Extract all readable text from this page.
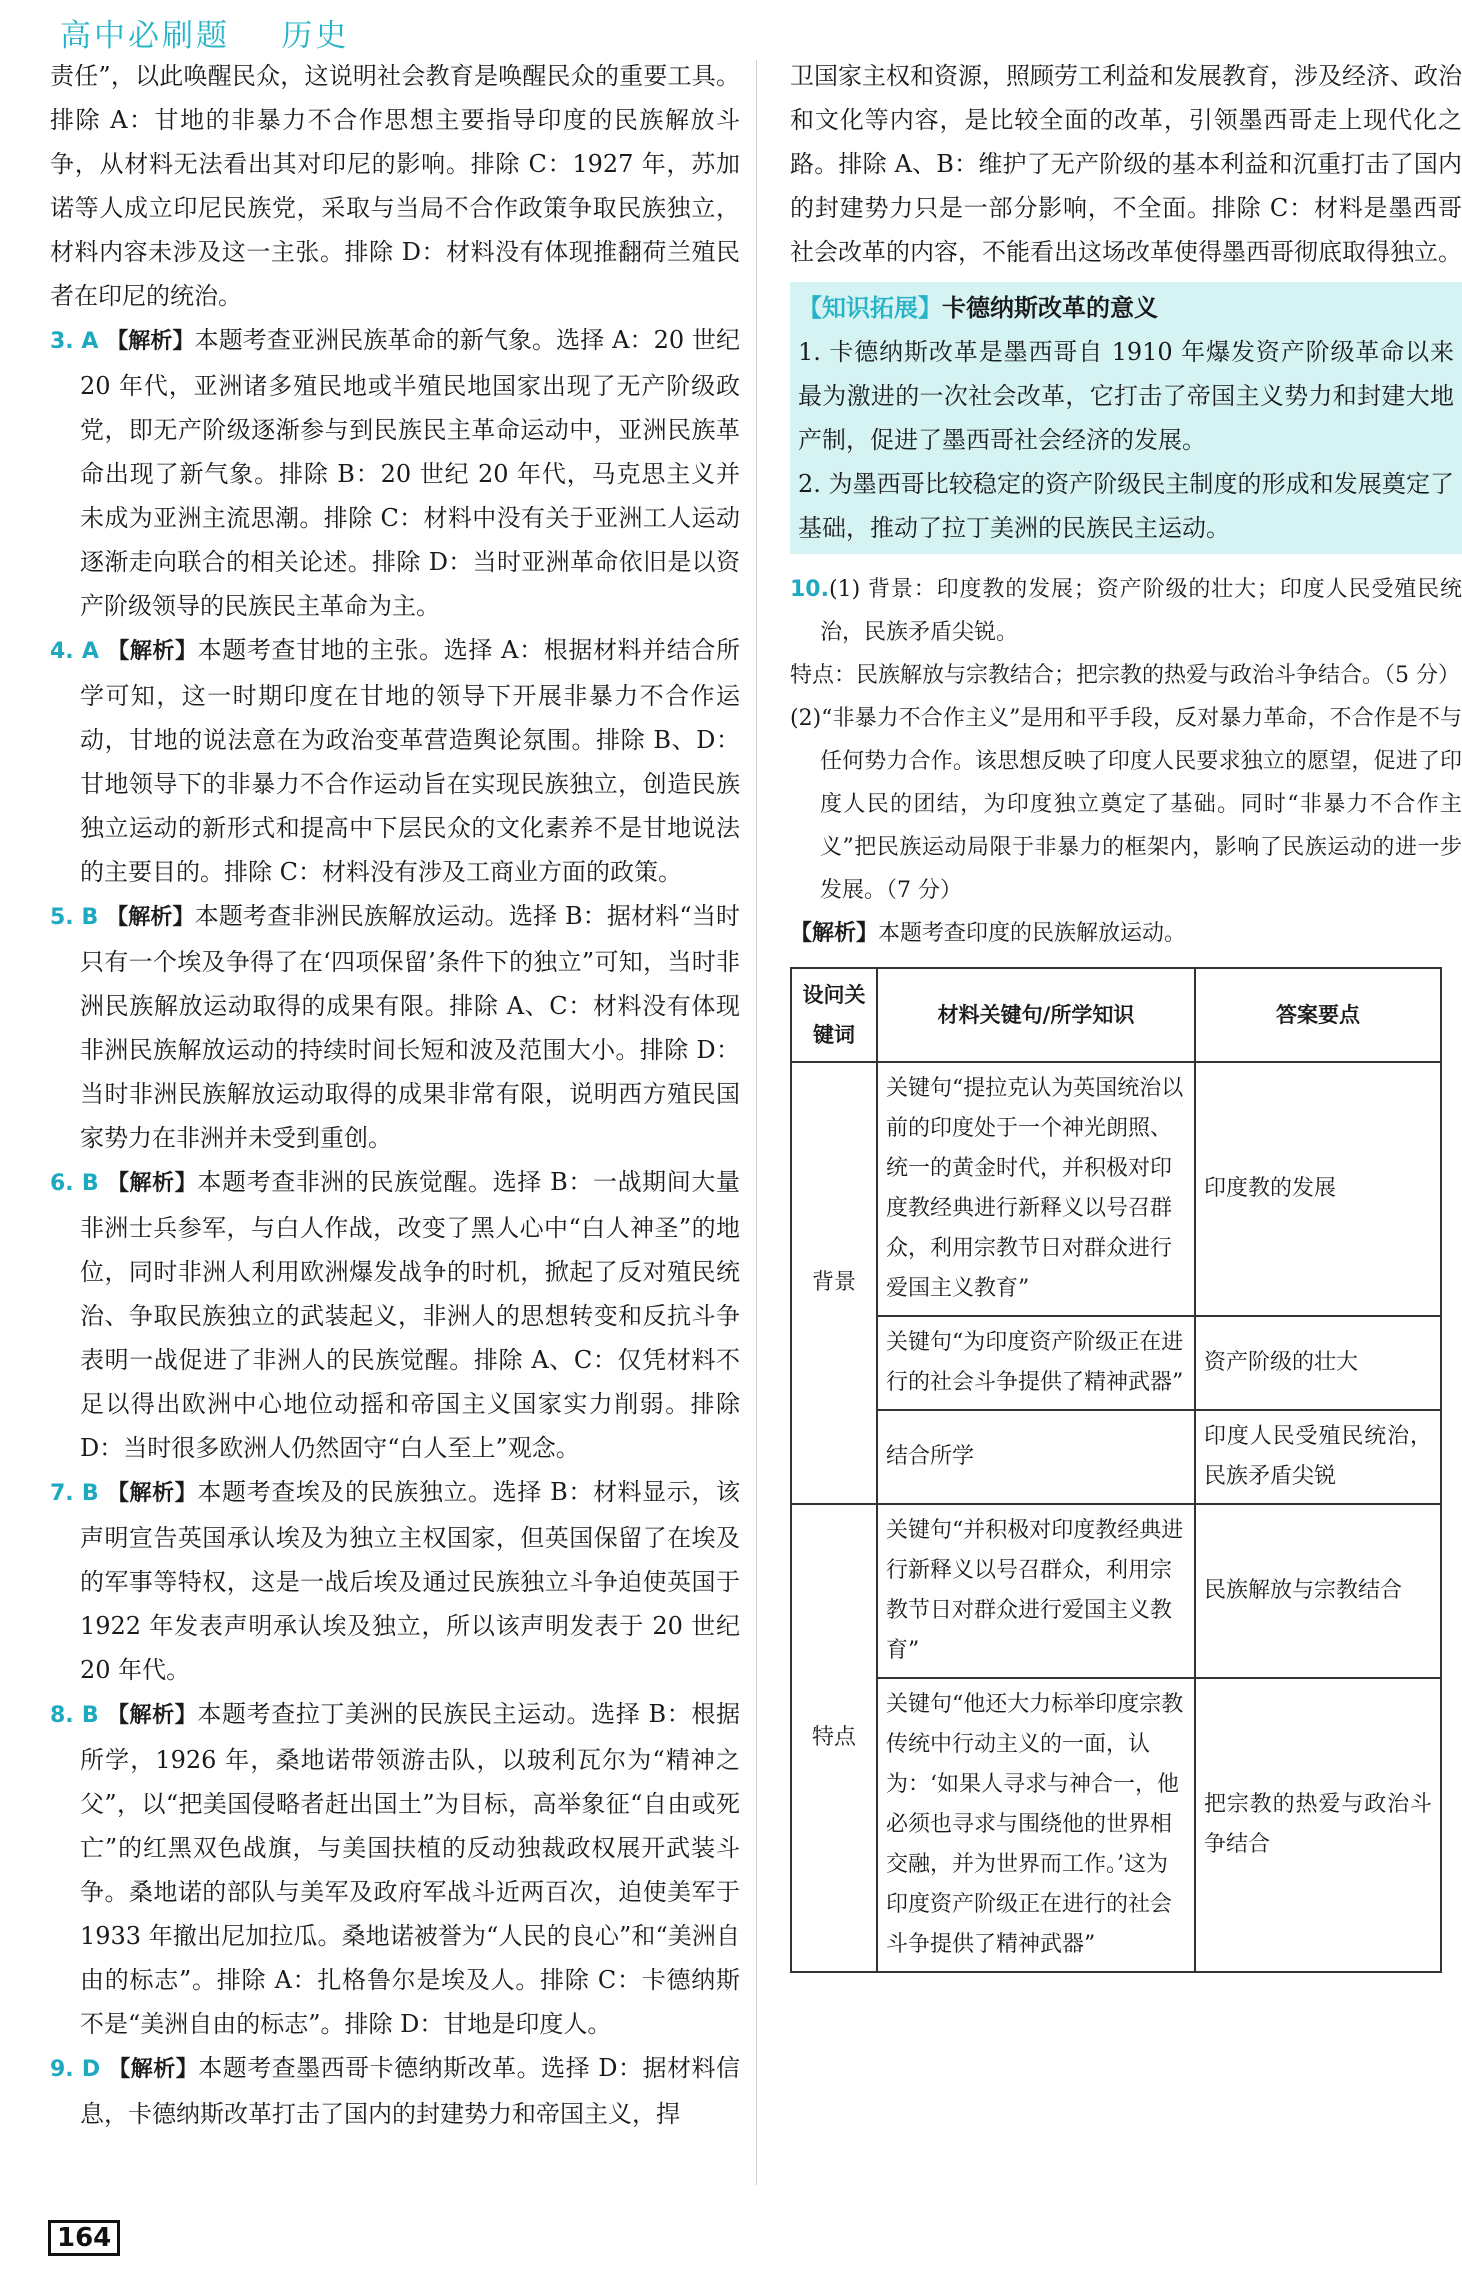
高中必刷题    历史

责任”，以此唤醒民众，这说明社会教育是唤醒民众的重要工具。排除 A：甘地的非暴力不合作思想主要指导印度的民族解放斗争，从材料无法看出其对印尼的影响。排除 C：1927 年，苏加诺等人成立印尼民族党，采取与当局不合作政策争取民族独立，材料内容未涉及这一主张。排除 D：材料没有体现推翻荷兰殖民者在印尼的统治。

3. A 【解析】本题考查亚洲民族革命的新气象。选择 A：20 世纪 20 年代，亚洲诸多殖民地或半殖民地国家出现了无产阶级政党，即无产阶级逐渐参与到民族民主革命运动中，亚洲民族革命出现了新气象。排除 B：20 世纪 20 年代，马克思主义并未成为亚洲主流思潮。排除 C：材料中没有关于亚洲工人运动逐渐走向联合的相关论述。排除 D：当时亚洲革命依旧是以资产阶级领导的民族民主革命为主。
4. A 【解析】本题考查甘地的主张。选择 A：根据材料并结合所学可知，这一时期印度在甘地的领导下开展非暴力不合作运动，甘地的说法意在为政治变革营造舆论氛围。排除 B、D：甘地领导下的非暴力不合作运动旨在实现民族独立，创造民族独立运动的新形式和提高中下层民众的文化素养不是甘地说法的主要目的。排除 C：材料没有涉及工商业方面的政策。
5. B 【解析】本题考查非洲民族解放运动。选择 B：据材料“当时只有一个埃及争得了在‘四项保留’条件下的独立”可知，当时非洲民族解放运动取得的成果有限。排除 A、C：材料没有体现非洲民族解放运动的持续时间长短和波及范围大小。排除 D：当时非洲民族解放运动取得的成果非常有限，说明西方殖民国家势力在非洲并未受到重创。
6. B 【解析】本题考查非洲的民族觉醒。选择 B：一战期间大量非洲士兵参军，与白人作战，改变了黑人心中“白人神圣”的地位，同时非洲人利用欧洲爆发战争的时机，掀起了反对殖民统治、争取民族独立的武装起义，非洲人的思想转变和反抗斗争表明一战促进了非洲人的民族觉醒。排除 A、C：仅凭材料不足以得出欧洲中心地位动摇和帝国主义国家实力削弱。排除 D：当时很多欧洲人仍然固守“白人至上”观念。
7. B 【解析】本题考查埃及的民族独立。选择 B：材料显示，该声明宣告英国承认埃及为独立主权国家，但英国保留了在埃及的军事等特权，这是一战后埃及通过民族独立斗争迫使英国于 1922 年发表声明承认埃及独立，所以该声明发表于 20 世纪 20 年代。
8. B 【解析】本题考查拉丁美洲的民族民主运动。选择 B：根据所学，1926 年，桑地诺带领游击队，以玻利瓦尔为“精神之父”，以“把美国侵略者赶出国土”为目标，高举象征“自由或死亡”的红黑双色战旗，与美国扶植的反动独裁政权展开武装斗争。桑地诺的部队与美军及政府军战斗近两百次，迫使美军于 1933 年撤出尼加拉瓜。桑地诺被誉为“人民的良心”和“美洲自由的标志”。排除 A：扎格鲁尔是埃及人。排除 C：卡德纳斯不是“美洲自由的标志”。排除 D：甘地是印度人。
9. D 【解析】本题考查墨西哥卡德纳斯改革。选择 D：据材料信息，卡德纳斯改革打击了国内的封建势力和帝国主义，捍

卫国家主权和资源，照顾劳工利益和发展教育，涉及经济、政治和文化等内容，是比较全面的改革，引领墨西哥走上现代化之路。排除 A、B：维护了无产阶级的基本利益和沉重打击了国内的封建势力只是一部分影响，不全面。排除 C：材料是墨西哥社会改革的内容，不能看出这场改革使得墨西哥彻底取得独立。

【知识拓展】卡德纳斯改革的意义
1. 卡德纳斯改革是墨西哥自 1910 年爆发资产阶级革命以来最为激进的一次社会改革，它打击了帝国主义势力和封建大地产制，促进了墨西哥社会经济的发展。
2. 为墨西哥比较稳定的资产阶级民主制度的形成和发展奠定了基础，推动了拉丁美洲的民族民主运动。
10.(1) 背景：印度教的发展；资产阶级的壮大；印度人民受殖民统治，民族矛盾尖锐。
特点：民族解放与宗教结合；把宗教的热爱与政治斗争结合。（5 分）
(2)“非暴力不合作主义”是用和平手段，反对暴力革命，不合作是不与任何势力合作。该思想反映了印度人民要求独立的愿望，促进了印度人民的团结，为印度独立奠定了基础。同时“非暴力不合作主义”把民族运动局限于非暴力的框架内，影响了民族运动的进一步发展。（7 分）
【解析】本题考查印度的民族解放运动。
设问关键词	材料关键句/所学知识	答案要点
背景	关键句“提拉克认为英国统治以前的印度处于一个神光朗照、统一的黄金时代，并积极对印度教经典进行新释义以号召群众，利用宗教节日对群众进行爱国主义教育”	印度教的发展
	关键句“为印度资产阶级正在进行的社会斗争提供了精神武器”	资产阶级的壮大
	结合所学	印度人民受殖民统治，民族矛盾尖锐
特点	关键句“并积极对印度教经典进行新释义以号召群众，利用宗教节日对群众进行爱国主义教育”	民族解放与宗教结合
	关键句“他还大力标举印度宗教传统中行动主义的一面，认为：‘如果人寻求与神合一，他必须也寻求与围绕他的世界相交融，并为世界而工作。’这为印度资产阶级正在进行的社会斗争提供了精神武器”	把宗教的热爱与政治斗争结合
164
